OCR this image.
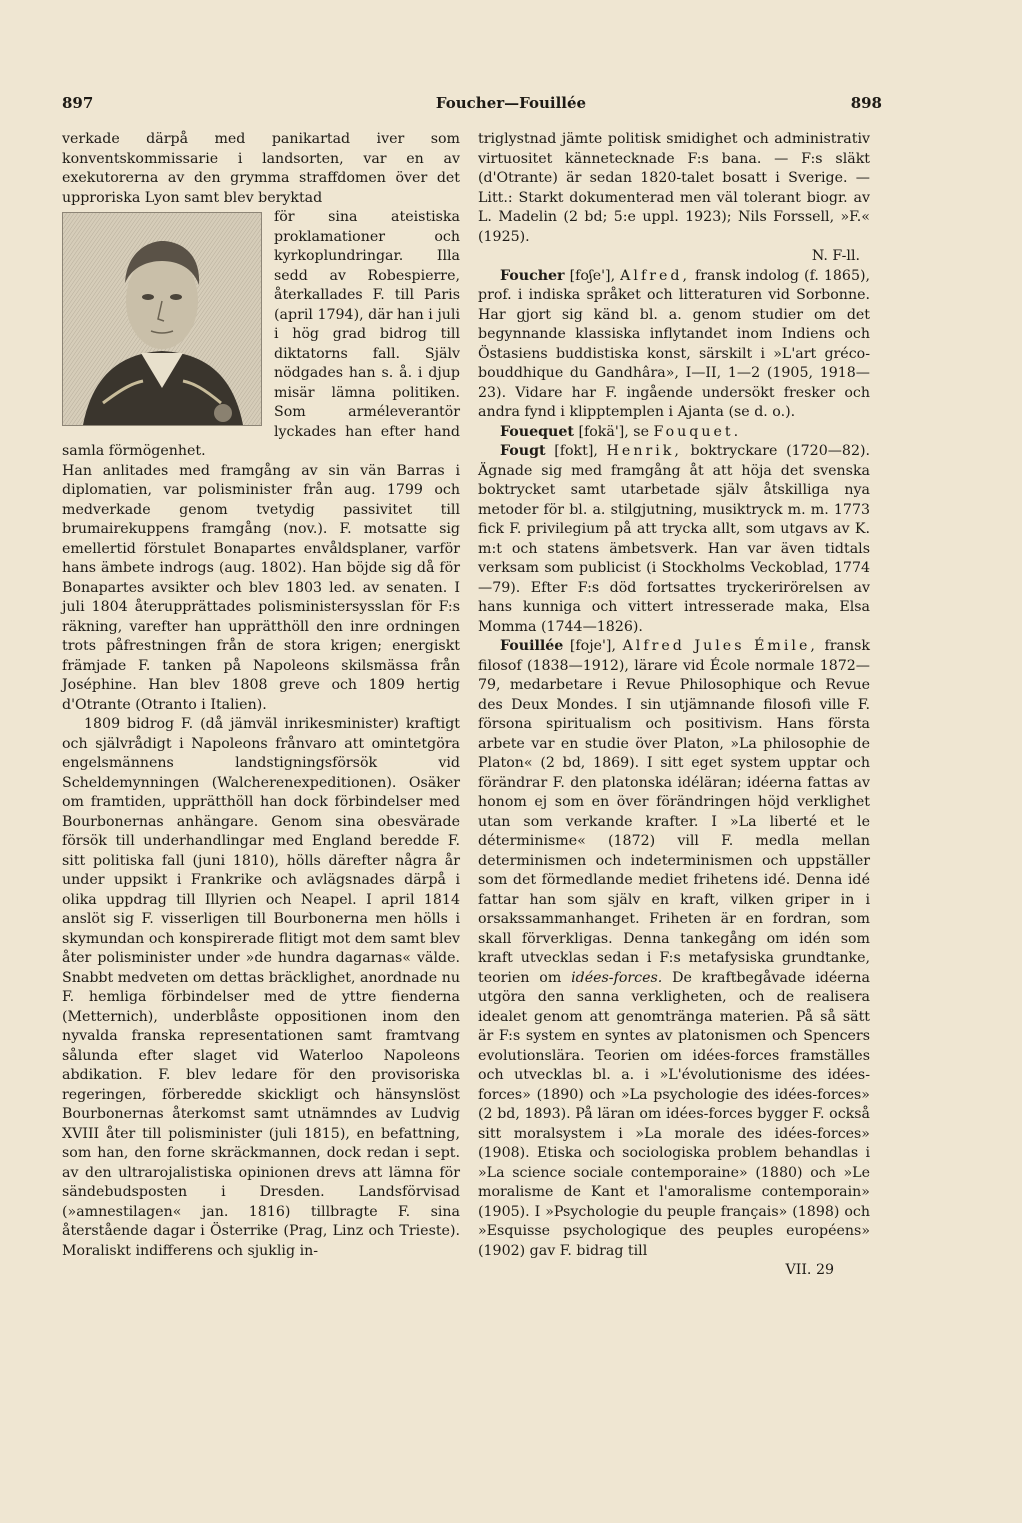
897	Foucher—Fouillée	898

verkade därpå med panikartad iver som konventskommissarie i landsorten, var en av exekutorerna av den grymma straffdomen över det upproriska Lyon samt blev beryktad

för sina ateistiska proklamationer och kyrkoplundringar. Illa sedd av Robespierre, återkallades F. till Paris (april 1794), där han i juli i hög grad bidrog till diktatorns fall. Själv nödgades han s. å. i djup misär lämna politiken. Som arméleverantör lyckades han efter hand samla förmögenhet.

Han anlitades med framgång av sin vän Barras i diplomatien, var polisminister från aug. 1799 och medverkade genom tvetydig passivitet till brumairekuppens framgång (nov.). F. motsatte sig emellertid förstulet Bonapartes envåldsplaner, varför hans ämbete indrogs (aug. 1802). Han böjde sig då för Bonapartes avsikter och blev 1803 led. av senaten. I juli 1804 återupprättades polisministersysslan för F:s räkning, varefter han upprätthöll den inre ordningen trots påfrestningen från de stora krigen; energiskt främjade F. tanken på Napoleons skilsmässa från Joséphine. Han blev 1808 greve och 1809 hertig d'Otrante (Otranto i Italien).

1809 bidrog F. (då jämväl inrikesminister) kraftigt och självrådigt i Napoleons frånvaro att omintetgöra engelsmännens landstigningsförsök vid Scheldemynningen (Walcherenexpeditionen). Osäker om framtiden, upprätthöll han dock förbindelser med Bourbonernas anhängare. Genom sina obesvärade försök till underhandlingar med England beredde F. sitt politiska fall (juni 1810), hölls därefter några år under uppsikt i Frankrike och avlägsnades därpå i olika uppdrag till Illyrien och Neapel. I april 1814 anslöt sig F. visserligen till Bourbonerna men hölls i skymundan och konspirerade flitigt mot dem samt blev åter polisminister under »de hundra dagarnas« välde. Snabbt medveten om dettas bräcklighet, anordnade nu F. hemliga förbindelser med de yttre fienderna (Metternich), underblåste oppositionen inom den nyvalda franska representationen samt framtvang sålunda efter slaget vid Waterloo Napoleons abdikation. F. blev ledare för den provisoriska regeringen, förberedde skickligt och hänsynslöst Bourbonernas återkomst samt utnämndes av Ludvig XVIII åter till polisminister (juli 1815), en befattning, som han, den forne skräckmannen, dock redan i sept. av den ultrarojalistiska opinionen drevs att lämna för sändebudsposten i Dresden. Landsförvisad (»amnestilagen« jan. 1816) tillbragte F. sina återstående dagar i Österrike (Prag, Linz och Trieste). Moraliskt indifferens och sjuklig in-

triglystnad jämte politisk smidighet och administrativ virtuositet kännetecknade F:s bana. — F:s släkt (d'Otrante) är sedan 1820-talet bosatt i Sverige. — Litt.: Starkt dokumenterad men väl tolerant biogr. av L. Madelin (2 bd; 5:e uppl. 1923); Nils Forssell, »F.« (1925).

N. F-ll.

Foucher [foʃe'], Alfred, fransk indolog (f. 1865), prof. i indiska språket och litteraturen vid Sorbonne. Har gjort sig känd bl. a. genom studier om det begynnande klassiska inflytandet inom Indiens och Östasiens buddistiska konst, särskilt i »L'art gréco-bouddhique du Gandhâra», I—II, 1—2 (1905, 1918—23). Vidare har F. ingående undersökt fresker och andra fynd i klipptemplen i Ajanta (se d. o.).

Fouequet [fokä'], se Fouquet.

Fougt [fokt], Henrik, boktryckare (1720—82). Ägnade sig med framgång åt att höja det svenska boktrycket samt utarbetade själv åtskilliga nya metoder för bl. a. stilgjutning, musiktryck m. m. 1773 fick F. privilegium på att trycka allt, som utgavs av K. m:t och statens ämbetsverk. Han var även tidtals verksam som publicist (i Stockholms Veckoblad, 1774—79). Efter F:s död fortsattes tryckerirörelsen av hans kunniga och vittert intresserade maka, Elsa Momma (1744—1826).

Fouillée [foje'], Alfred Jules Émile, fransk filosof (1838—1912), lärare vid École normale 1872—79, medarbetare i Revue Philosophique och Revue des Deux Mondes. I sin utjämnande filosofi ville F. försona spiritualism och positivism. Hans första arbete var en studie över Platon, »La philosophie de Platon« (2 bd, 1869). I sitt eget system upptar och förändrar F. den platonska idéläran; idéerna fattas av honom ej som en över förändringen höjd verklighet utan som verkande krafter. I »La liberté et le déterminisme« (1872) vill F. medla mellan determinismen och indeterminismen och uppställer som det förmedlande mediet frihetens idé. Denna idé fattar han som själv en kraft, vilken griper in i orsakssammanhanget. Friheten är en fordran, som skall förverkligas. Denna tankegång om idén som kraft utvecklas sedan i F:s metafysiska grundtanke, teorien om idées-forces. De kraftbegåvade idéerna utgöra den sanna verkligheten, och de realisera idealet genom att genomtränga materien. På så sätt är F:s system en syntes av platonismen och Spencers evolutionslära. Teorien om idées-forces framställes och utvecklas bl. a. i »L'évolutionisme des idées-forces» (1890) och »La psychologie des idées-forces» (2 bd, 1893). På läran om idées-forces bygger F. också sitt moralsystem i »La morale des idées-forces» (1908). Etiska och sociologiska problem behandlas i »La science sociale contemporaine» (1880) och »Le moralisme de Kant et l'amoralisme contemporain» (1905). I »Psychologie du peuple français» (1898) och »Esquisse psychologique des peuples européens» (1902) gav F. bidrag till

VII. 29
